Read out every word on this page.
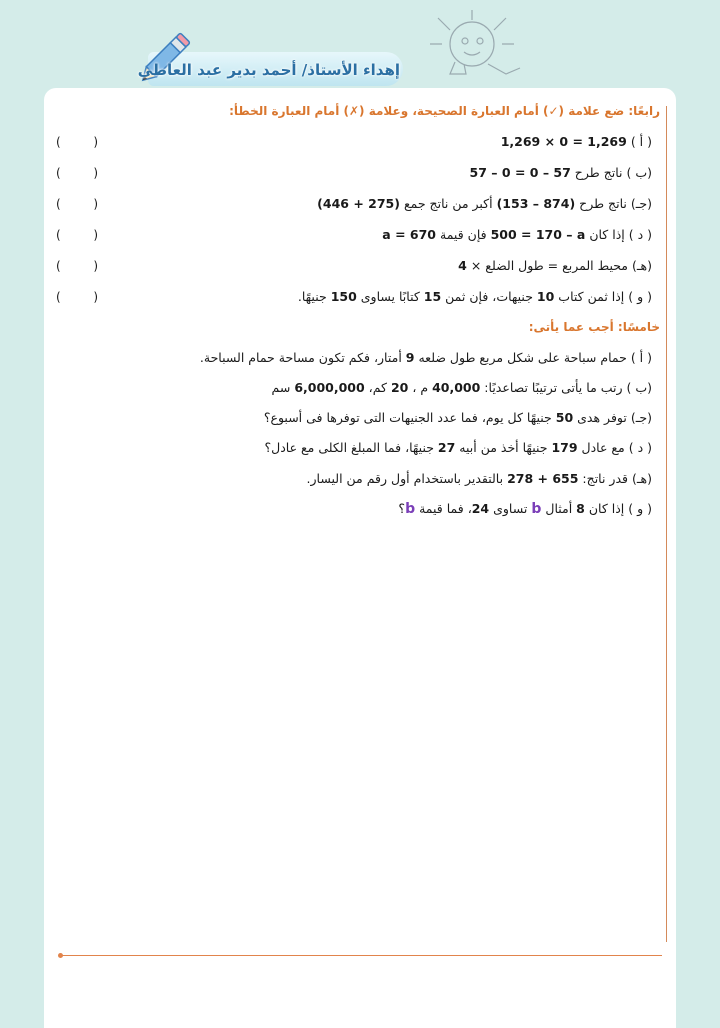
إهداء الأستاذ/ أحمد بدير عبد العاطى
رابعًا: ضع علامة (✓) أمام العبارة الصحيحة، وعلامة (✗) أمام العبارة الخطأ:
( أ ) 1,269 × 0 = 1,269
(ب ) ناتج طرح 57 – 0 = 0 – 57
(جـ) ناتج طرح (153 – 874) أكبر من ناتج جمع (446 + 275)
( د ) إذا كان 500 = 170 – a فإن قيمة a = 670
(هـ) محيط المربع = طول الضلع × 4
( و ) إذا ثمن كتاب 10 جنيهات، فإن ثمن 15 كتابًا يساوى 150 جنيهًا.
(	)
(	)
(	)
(	)
(	)
(	)
خامسًا: أجب عما يأتى:
( أ ) حمام سباحة على شكل مربع طول ضلعه 9 أمتار، فكم تكون مساحة حمام السباحة.
(ب ) رتب ما يأتى ترتيبًا تصاعديًا: 40,000 م ، 20 كم، 6,000,000 سم
(جـ) توفر هدى 50 جنيهًا كل يوم، فما عدد الجنيهات التى توفرها فى أسبوع؟
( د ) مع عادل 179 جنيهًا أخذ من أبيه 27 جنيهًا، فما المبلغ الكلى مع عادل؟
(هـ) قدر ناتج: 278 + 655 بالتقدير باستخدام أول رقم من اليسار.
( و ) إذا كان 8 أمثال b تساوى 24، فما قيمة b؟
